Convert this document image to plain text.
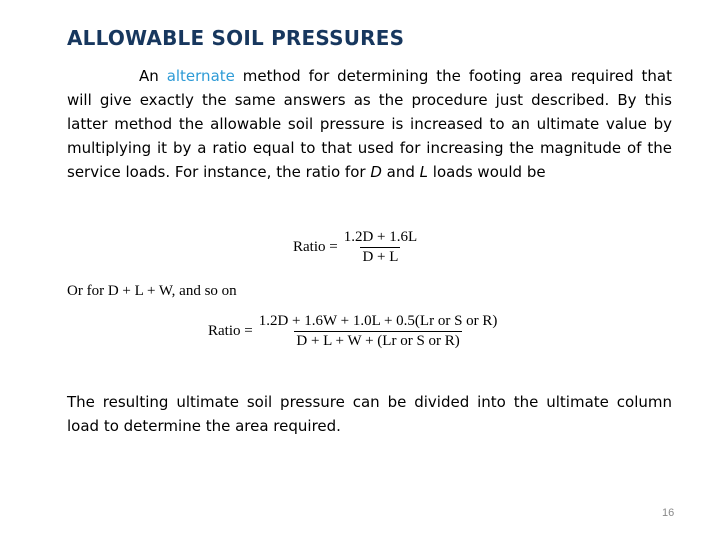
ALLOWABLE SOIL PRESSURES
An alternate method for determining the footing area required that will give exactly the same answers as the procedure just described. By this latter method the allowable soil pressure is increased to an ultimate value by multiplying it by a ratio equal to that used for increasing the magnitude of the service loads. For instance, the ratio for D and L loads would be
Ratio = $\frac{1.2D + 1.6L}{D + L}$
Or for D + L + W, and so on
Ratio = $\frac{\text{1.2D + 1.6W + 1.0L + 0.5(Lr or S or R)}}{\text{D + L + W + (Lr or S or R)}}$
The resulting ultimate soil pressure can be divided into the ultimate column load to determine the area required.
16
